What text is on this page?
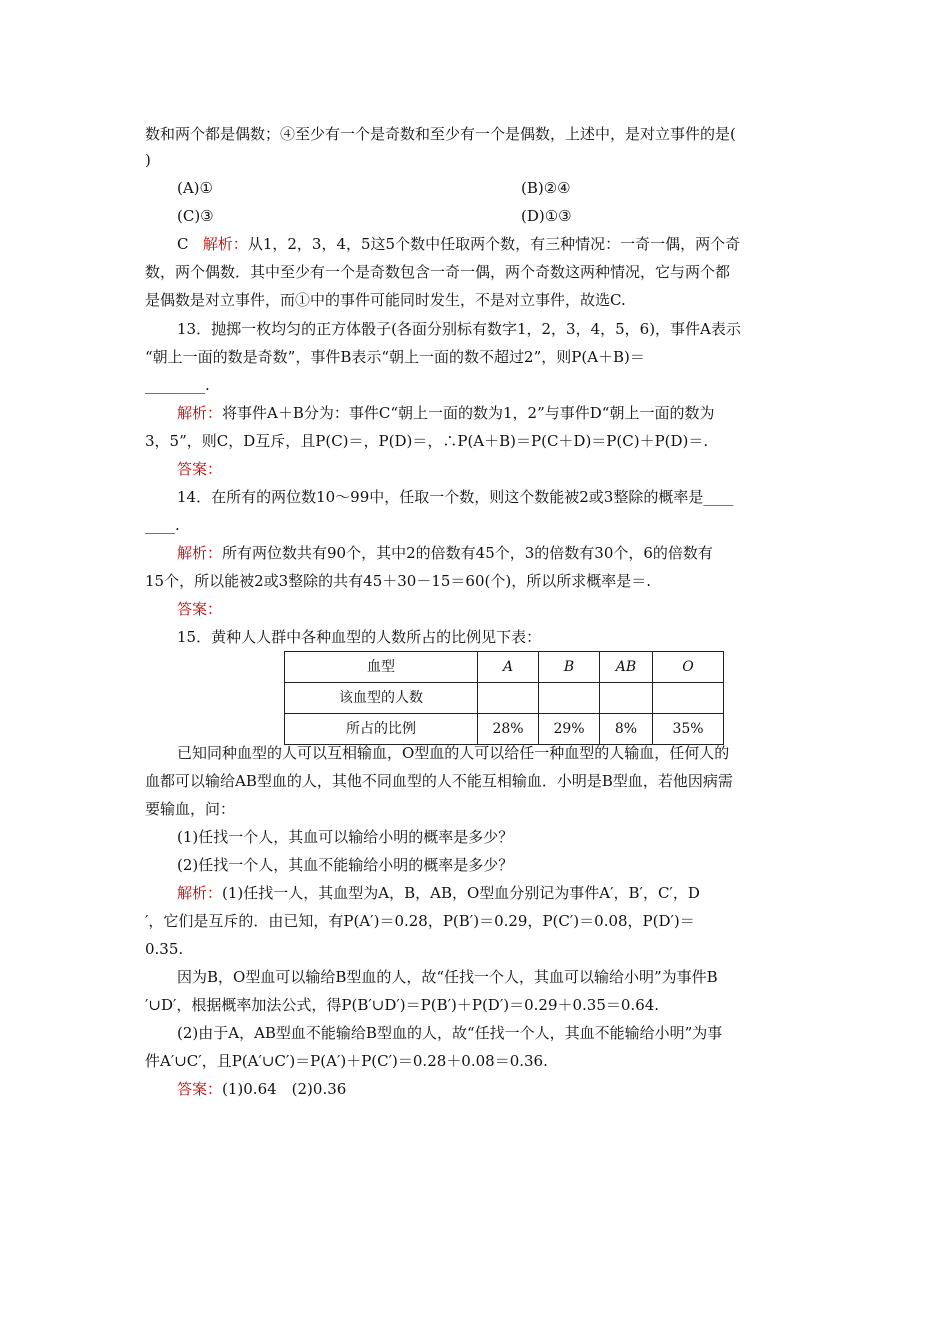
数和两个都是偶数；④至少有一个是奇数和至少有一个是偶数，上述中，是对立事件的是(
)
(A)①	(B)②④
(C)③	(D)①③
C 解析：从1，2，3，4，5这5个数中任取两个数，有三种情况：一奇一偶，两个奇
数，两个偶数．其中至少有一个是奇数包含一奇一偶，两个奇数这两种情况，它与两个都
是偶数是对立事件，而①中的事件可能同时发生，不是对立事件，故选C.
13．抛掷一枚均匀的正方体骰子(各面分别标有数字1，2，3，4，5，6)，事件A表示
“朝上一面的数是奇数”，事件B表示“朝上一面的数不超过2”，则P(A＋B)＝
________.
解析：将事件A＋B分为：事件C“朝上一面的数为1，2”与事件D“朝上一面的数为
3，5”，则C，D互斥，且P(C)＝，P(D)＝，∴P(A＋B)＝P(C＋D)＝P(C)＋P(D)＝.
答案：
14．在所有的两位数10～99中，任取一个数，则这个数能被2或3整除的概率是____
____.
解析：所有两位数共有90个，其中2的倍数有45个，3的倍数有30个，6的倍数有
15个，所以能被2或3整除的共有45＋30－15＝60(个)，所以所求概率是＝.
答案：
15．黄种人人群中各种血型的人数所占的比例见下表：
血型	A	B	AB	O
该血型的人数				
所占的比例	28%	29%	8%	35%
已知同种血型的人可以互相输血，O型血的人可以给任一种血型的人输血，任何人的
血都可以输给AB型血的人，其他不同血型的人不能互相输血．小明是B型血，若他因病需
要输血，问：
(1)任找一个人，其血可以输给小明的概率是多少？
(2)任找一个人，其血不能输给小明的概率是多少？
解析：(1)任找一人，其血型为A，B，AB，O型血分别记为事件A′，B′，C′，D
′，它们是互斥的．由已知，有P(A′)＝0.28，P(B′)＝0.29，P(C′)＝0.08，P(D′)＝
0.35.
因为B，O型血可以输给B型血的人，故“任找一个人，其血可以输给小明”为事件B
′∪D′，根据概率加法公式，得P(B′∪D′)＝P(B′)＋P(D′)＝0.29＋0.35＝0.64.
(2)由于A，AB型血不能输给B型血的人，故“任找一个人，其血不能输给小明”为事
件A′∪C′，且P(A′∪C′)＝P(A′)＋P(C′)＝0.28＋0.08＝0.36.
答案：(1)0.64　(2)0.36
